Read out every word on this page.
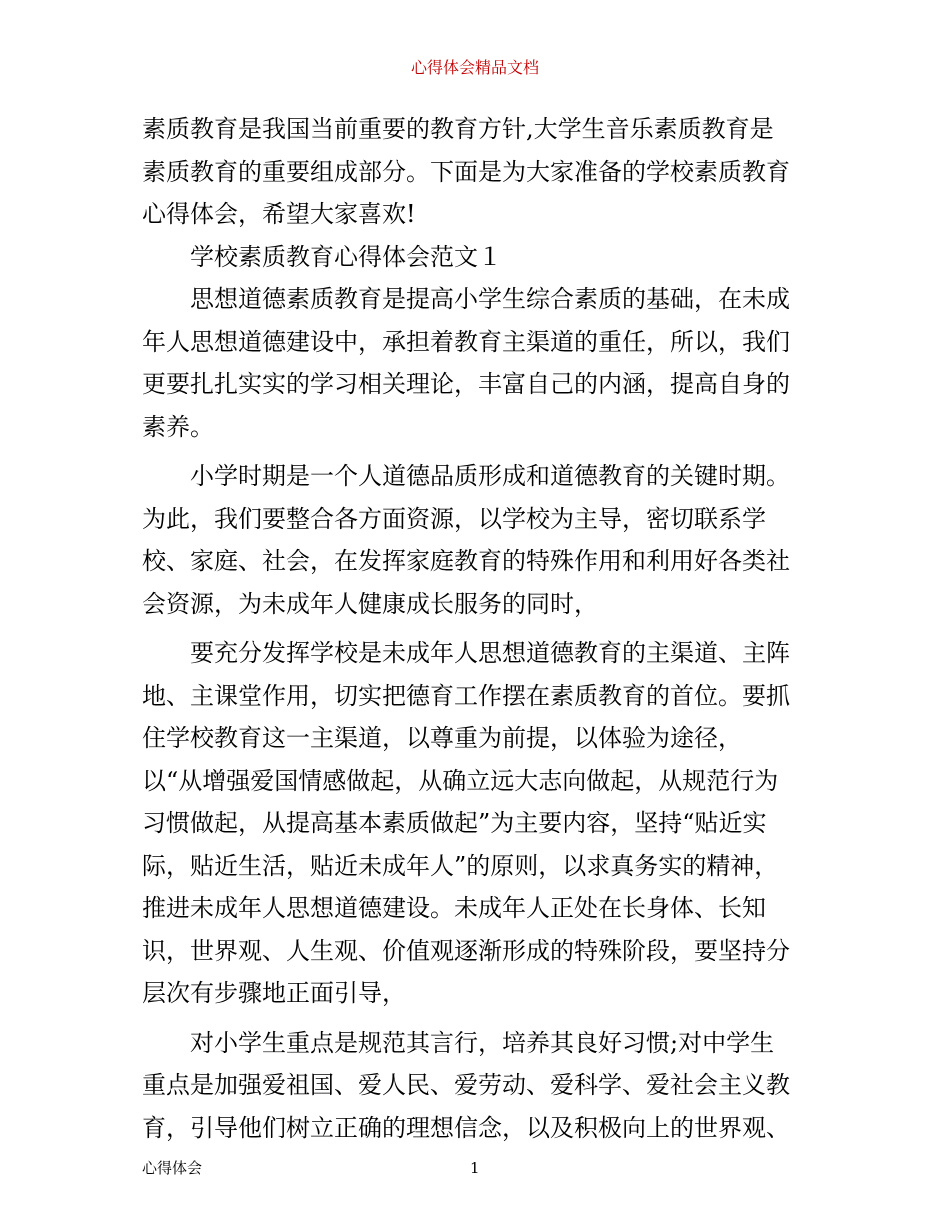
心得体会精品文档

素质教育是我国当前重要的教育方针,大学生音乐素质教育是
素质教育的重要组成部分。下面是为大家准备的学校素质教育
心得体会，希望大家喜欢!

学校素质教育心得体会范文１

思想道德素质教育是提高小学生综合素质的基础，在未成
年人思想道德建设中，承担着教育主渠道的重任，所以，我们
更要扎扎实实的学习相关理论，丰富自己的内涵，提高自身的
素养。

小学时期是一个人道德品质形成和道德教育的关键时期。
为此，我们要整合各方面资源，以学校为主导，密切联系学
校、家庭、社会，在发挥家庭教育的特殊作用和利用好各类社
会资源，为未成年人健康成长服务的同时，

要充分发挥学校是未成年人思想道德教育的主渠道、主阵
地、主课堂作用，切实把德育工作摆在素质教育的首位。要抓
住学校教育这一主渠道，以尊重为前提，以体验为途径，
以“从增强爱国情感做起，从确立远大志向做起，从规范行为
习惯做起，从提高基本素质做起”为主要内容，坚持“贴近实
际，贴近生活，贴近未成年人”的原则，以求真务实的精神，
推进未成年人思想道德建设。未成年人正处在长身体、长知
识，世界观、人生观、价值观逐渐形成的特殊阶段，要坚持分
层次有步骤地正面引导，

对小学生重点是规范其言行，培养其良好习惯;对中学生
重点是加强爱祖国、爱人民、爱劳动、爱科学、爱社会主义教
育，引导他们树立正确的理想信念，以及积极向上的世界观、

心得体会	1
